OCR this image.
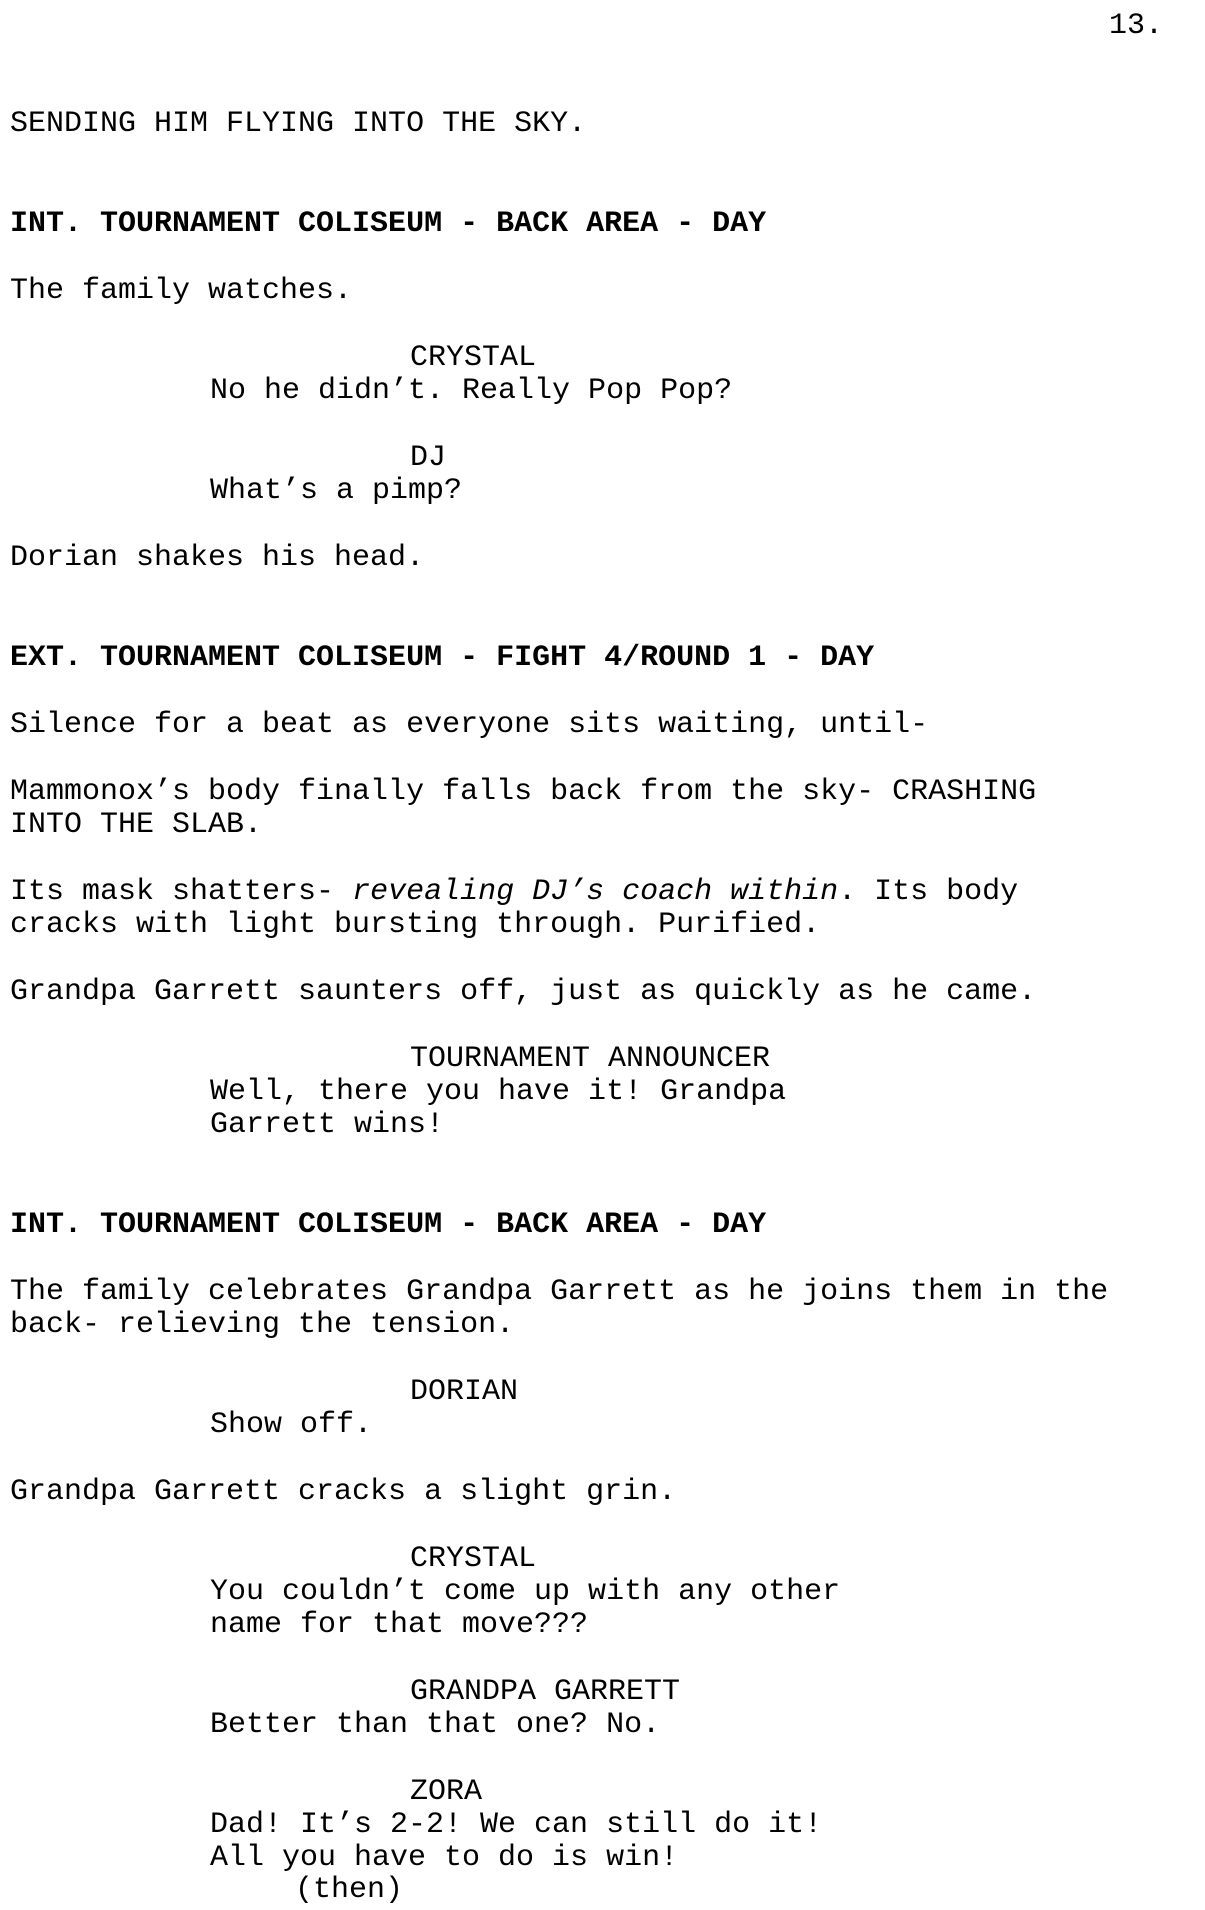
13.
SENDING HIM FLYING INTO THE SKY.
INT. TOURNAMENT COLISEUM - BACK AREA - DAY
The family watches.
CRYSTAL
No he didn’t. Really Pop Pop?
DJ
What’s a pimp?
Dorian shakes his head.
EXT. TOURNAMENT COLISEUM - FIGHT 4/ROUND 1 - DAY
Silence for a beat as everyone sits waiting, until-
Mammonox’s body finally falls back from the sky- CRASHING
INTO THE SLAB.
Its mask shatters- revealing DJ’s coach within. Its body
cracks with light bursting through. Purified.
Grandpa Garrett saunters off, just as quickly as he came.
TOURNAMENT ANNOUNCER
Well, there you have it! Grandpa
Garrett wins!
INT. TOURNAMENT COLISEUM - BACK AREA - DAY
The family celebrates Grandpa Garrett as he joins them in the
back- relieving the tension.
DORIAN
Show off.
Grandpa Garrett cracks a slight grin.
CRYSTAL
You couldn’t come up with any other
name for that move???
GRANDPA GARRETT
Better than that one? No.
ZORA
Dad! It’s 2-2! We can still do it!
All you have to do is win!
(then)
